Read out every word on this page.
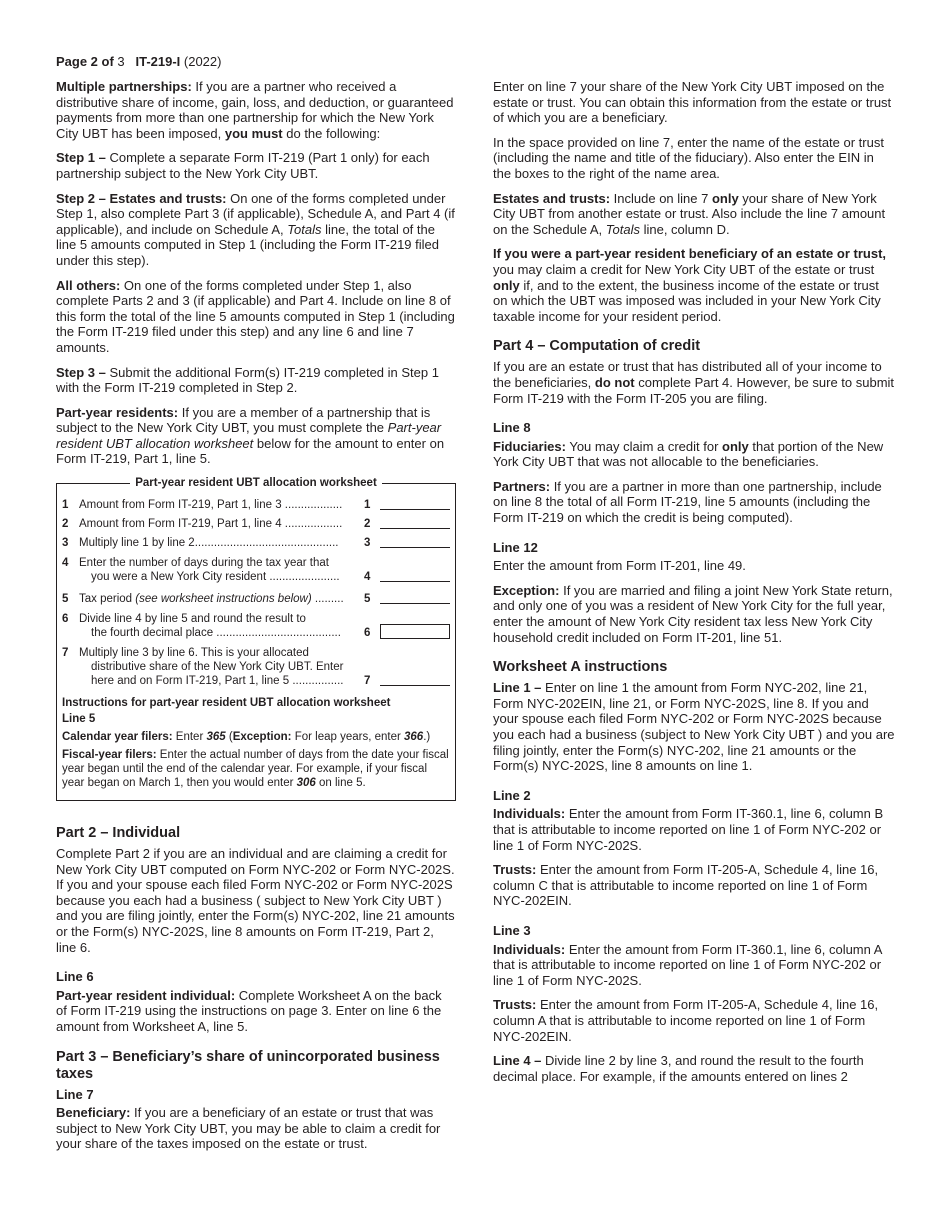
Page 2 of 3 IT-219-I (2022)

Multiple partnerships: If you are a partner who received a distributive share of income, gain, loss, and deduction, or guaranteed payments from more than one partnership for which the New York City UBT has been imposed, you must do the following:

Step 1 – Complete a separate Form IT-219 (Part 1 only) for each partnership subject to the New York City UBT.

Step 2 – Estates and trusts: On one of the forms completed under Step 1, also complete Part 3 (if applicable), Schedule A, and Part 4 (if applicable), and include on Schedule A, Totals line, the total of the line 5 amounts computed in Step 1 (including the Form IT-219 filed under this step).

All others: On one of the forms completed under Step 1, also complete Parts 2 and 3 (if applicable) and Part 4. Include on line 8 of this form the total of the line 5 amounts computed in Step 1 (including the Form IT-219 filed under this step) and any line 6 and line 7 amounts.

Step 3 – Submit the additional Form(s) IT-219 completed in Step 1 with the Form IT-219 completed in Step 2.

Part-year residents: If you are a member of a partnership that is subject to the New York City UBT, you must complete the Part-year resident UBT allocation worksheet below for the amount to enter on Form IT-219, Part 1, line 5.

Part-year resident UBT allocation worksheet
1 Amount from Form IT-219, Part 1, line 3 ..................	1
2 Amount from Form IT-219, Part 1, line 4 ..................	2
3 Multiply line 1 by line 2.............................................	3
4 Enter the number of days during the tax year that
you were a New York City resident ......................	4
5 Tax period (see worksheet instructions below) .........	5
6 Divide line 4 by line 5 and round the result to
the fourth decimal place .......................................	6
7 Multiply line 3 by line 6. This is your allocated
distributive share of the New York City UBT. Enter
here and on Form IT-219, Part 1, line 5 ................	7
Instructions for part-year resident UBT allocation worksheet
Line 5
Calendar year filers: Enter 365 (Exception: For leap years, enter 366.)
Fiscal-year filers: Enter the actual number of days from the date your fiscal year began until the end of the calendar year. For example, if your fiscal year began on March 1, then you would enter 306 on line 5.
Part 2 – Individual

Complete Part 2 if you are an individual and are claiming a credit for New York City UBT computed on Form NYC-202 or Form NYC-202S. If you and your spouse each filed Form NYC-202 or Form NYC-202S because you each had a business ( subject to New York City UBT ) and you are filing jointly, enter the Form(s) NYC-202, line 21 amounts or the Form(s) NYC-202S, line 8 amounts on Form IT-219, Part 2, line 6.

Line 6

Part-year resident individual: Complete Worksheet A on the back of Form IT-219 using the instructions on page 3. Enter on line 6 the amount from Worksheet A, line 5.

Part 3 – Beneficiary’s share of unincorporated business taxes
Line 7

Beneficiary: If you are a beneficiary of an estate or trust that was subject to New York City UBT, you may be able to claim a credit for your share of the taxes imposed on the estate or trust.

Enter on line 7 your share of the New York City UBT imposed on the estate or trust. You can obtain this information from the estate or trust of which you are a beneficiary.

In the space provided on line 7, enter the name of the estate or trust (including the name and title of the fiduciary). Also enter the EIN in the boxes to the right of the name area.

Estates and trusts: Include on line 7 only your share of New York City UBT from another estate or trust. Also include the line 7 amount on the Schedule A, Totals line, column D.

If you were a part-year resident beneficiary of an estate or trust, you may claim a credit for New York City UBT of the estate or trust only if, and to the extent, the business income of the estate or trust on which the UBT was imposed was included in your New York City taxable income for your resident period.

Part 4 – Computation of credit

If you are an estate or trust that has distributed all of your income to the beneficiaries, do not complete Part 4. However, be sure to submit Form IT-219 with the Form IT-205 you are filing.

Line 8

Fiduciaries: You may claim a credit for only that portion of the New York City UBT that was not allocable to the beneficiaries.

Partners: If you are a partner in more than one partnership, include on line 8 the total of all Form IT-219, line 5 amounts (including the Form IT-219 on which the credit is being computed).

Line 12

Enter the amount from Form IT-201, line 49.

Exception: If you are married and filing a joint New York State return, and only one of you was a resident of New York City for the full year, enter the amount of New York City resident tax less New York City household credit included on Form IT-201, line 51.

Worksheet A instructions

Line 1 – Enter on line 1 the amount from Form NYC-202, line 21, Form NYC-202EIN, line 21, or Form NYC-202S, line 8. If you and your spouse each filed Form NYC-202 or Form NYC-202S because you each had a business (subject to New York City UBT ) and you are filing jointly, enter the Form(s) NYC-202, line 21 amounts or the Form(s) NYC-202S, line 8 amounts on line 1.

Line 2

Individuals: Enter the amount from Form IT-360.1, line 6, column B that is attributable to income reported on line 1 of Form NYC-202 or line 1 of Form NYC-202S.

Trusts: Enter the amount from Form IT-205-A, Schedule 4, line 16, column C that is attributable to income reported on line 1 of Form NYC-202EIN.

Line 3

Individuals: Enter the amount from Form IT-360.1, line 6, column A that is attributable to income reported on line 1 of Form NYC-202 or line 1 of Form NYC-202S.

Trusts: Enter the amount from Form IT-205-A, Schedule 4, line 16, column A that is attributable to income reported on line 1 of Form NYC-202EIN.

Line 4 – Divide line 2 by line 3, and round the result to the fourth decimal place. For example, if the amounts entered on lines 2
